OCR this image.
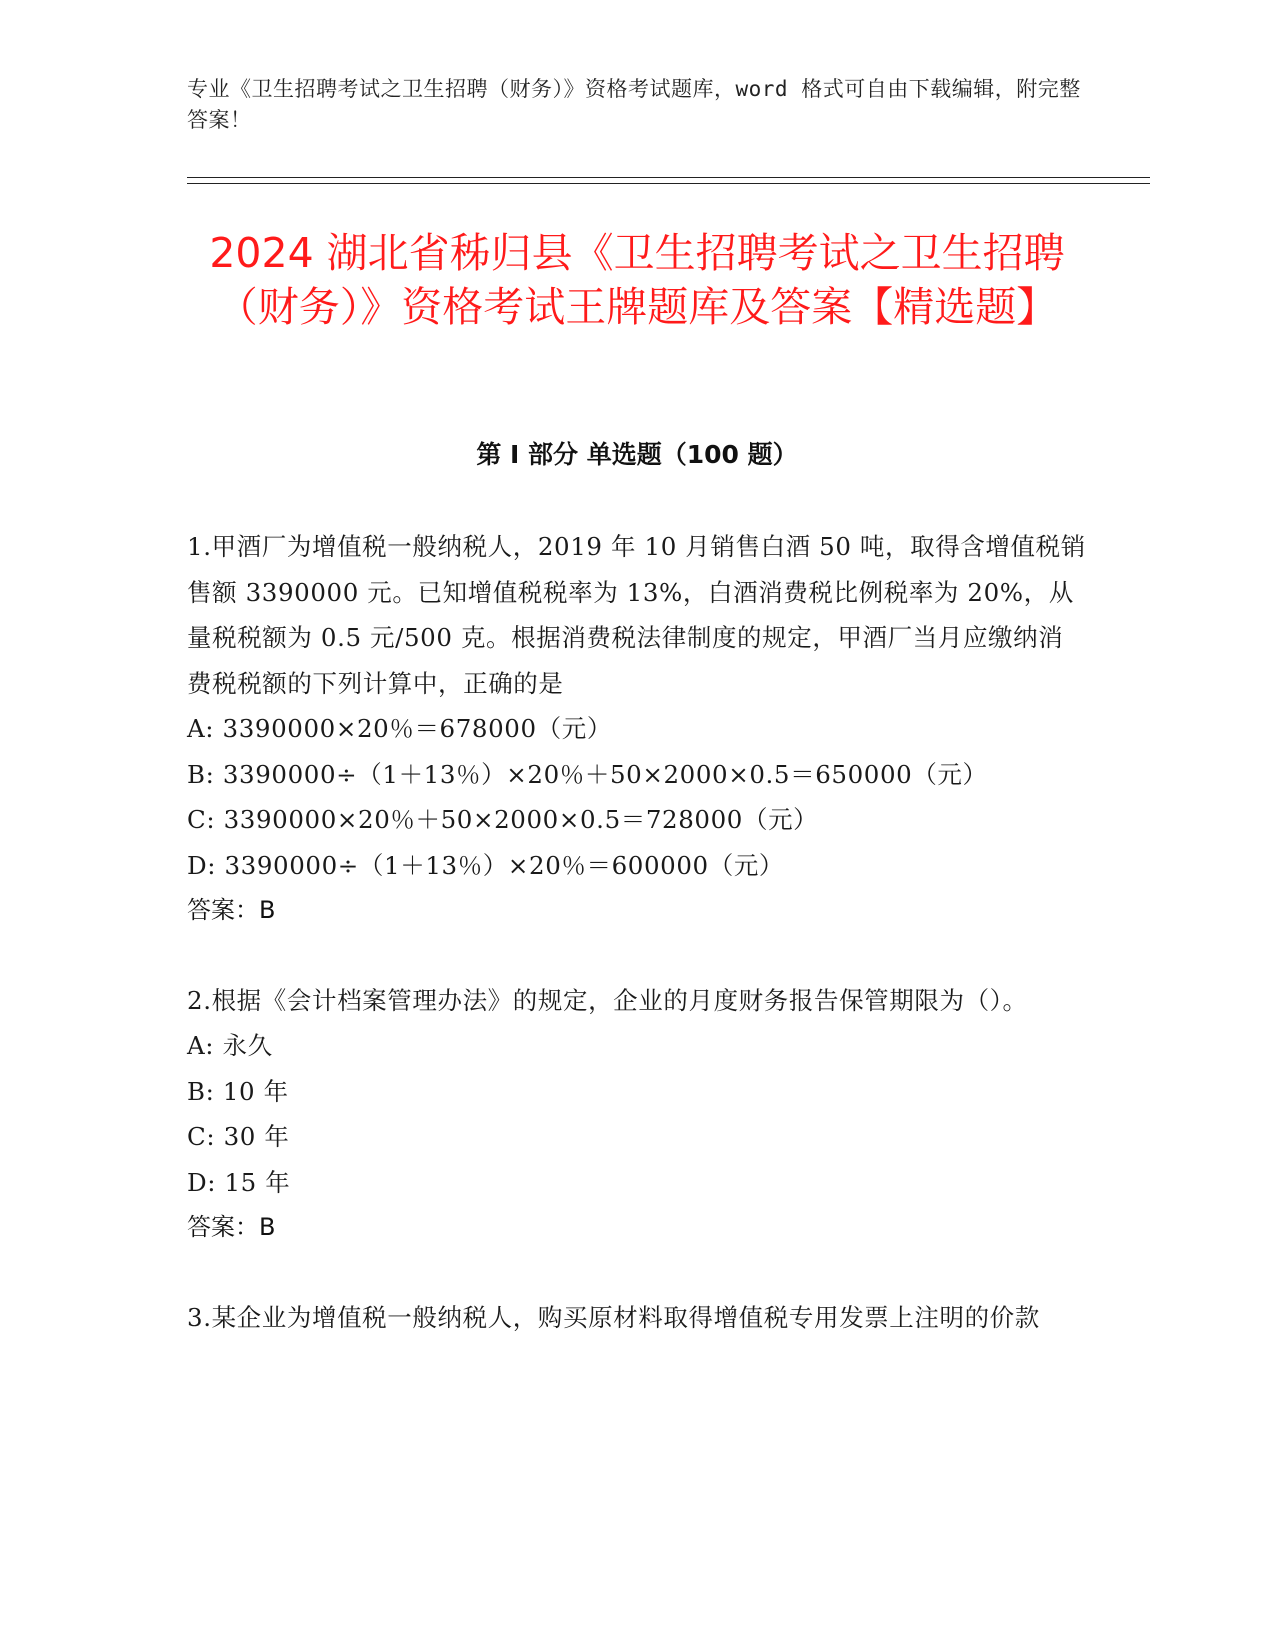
专业《卫生招聘考试之卫生招聘（财务）》资格考试题库，word 格式可自由下载编辑，附完整答案！
2024 湖北省秭归县《卫生招聘考试之卫生招聘（财务）》资格考试王牌题库及答案【精选题】
第 I 部分 单选题（100 题）

1.甲酒厂为增值税一般纳税人，2019 年 10 月销售白酒 50 吨，取得含增值税销售额 3390000 元。已知增值税税率为 13%，白酒消费税比例税率为 20%，从量税税额为 0.5 元/500 克。根据消费税法律制度的规定，甲酒厂当月应缴纳消费税税额的下列计算中，正确的是

A: 3390000×20％＝678000（元）

B: 3390000÷（1＋13％）×20％＋50×2000×0.5＝650000（元）

C: 3390000×20％＋50×2000×0.5＝728000（元）

D: 3390000÷（1＋13％）×20％＝600000（元）

答案：B

2.根据《会计档案管理办法》的规定，企业的月度财务报告保管期限为（）。

A: 永久

B: 10 年

C: 30 年

D: 15 年

答案：B

3.某企业为增值税一般纳税人，购买原材料取得增值税专用发票上注明的价款
